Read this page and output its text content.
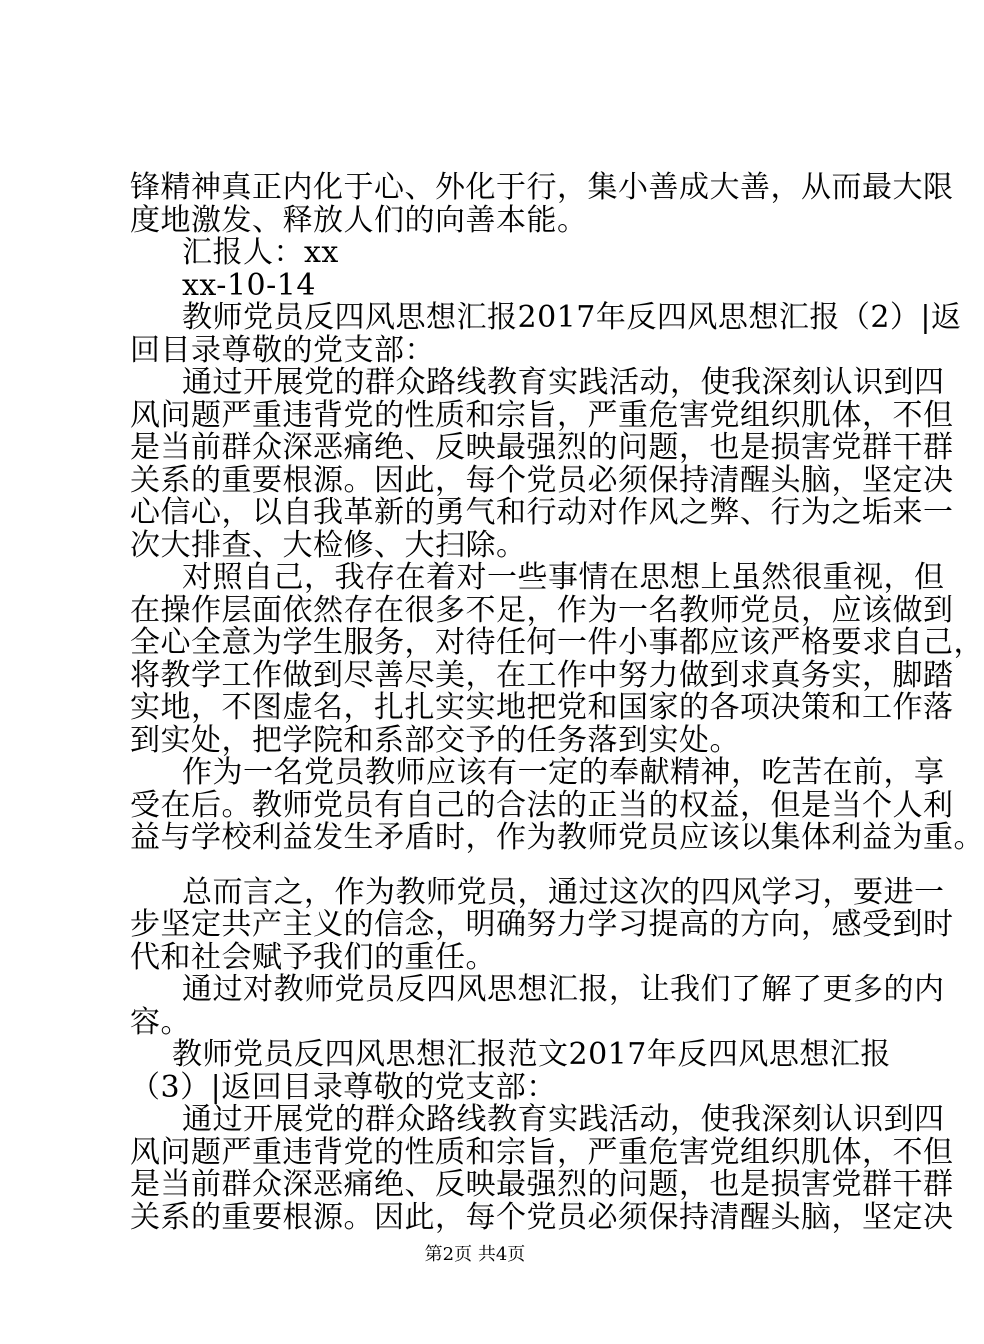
锋精神真正内化于心、外化于行，集小善成大善，从而最大限
度地激发、释放人们的向善本能。
汇报人：xx
xx-10-14
教师党员反四风思想汇报2017年反四风思想汇报（2）|返
回目录尊敬的党支部：
通过开展党的群众路线教育实践活动，使我深刻认识到四
风问题严重违背党的性质和宗旨，严重危害党组织肌体，不但
是当前群众深恶痛绝、反映最强烈的问题，也是损害党群干群
关系的重要根源。因此，每个党员必须保持清醒头脑，坚定决
心信心，以自我革新的勇气和行动对作风之弊、行为之垢来一
次大排查、大检修、大扫除。
对照自己，我存在着对一些事情在思想上虽然很重视，但
在操作层面依然存在很多不足，作为一名教师党员，应该做到
全心全意为学生服务，对待任何一件小事都应该严格要求自己，
将教学工作做到尽善尽美，在工作中努力做到求真务实，脚踏
实地，不图虚名，扎扎实实地把党和国家的各项决策和工作落
到实处，把学院和系部交予的任务落到实处。
作为一名党员教师应该有一定的奉献精神，吃苦在前，享
受在后。教师党员有自己的合法的正当的权益，但是当个人利
益与学校利益发生矛盾时，作为教师党员应该以集体利益为重。
总而言之，作为教师党员，通过这次的四风学习，要进一
步坚定共产主义的信念，明确努力学习提高的方向，感受到时
代和社会赋予我们的重任。
通过对教师党员反四风思想汇报，让我们了解了更多的内
容。
教师党员反四风思想汇报范文2017年反四风思想汇报
（3）|返回目录尊敬的党支部：
通过开展党的群众路线教育实践活动，使我深刻认识到四
风问题严重违背党的性质和宗旨，严重危害党组织肌体，不但
是当前群众深恶痛绝、反映最强烈的问题，也是损害党群干群
关系的重要根源。因此，每个党员必须保持清醒头脑，坚定决
第2页 共4页
